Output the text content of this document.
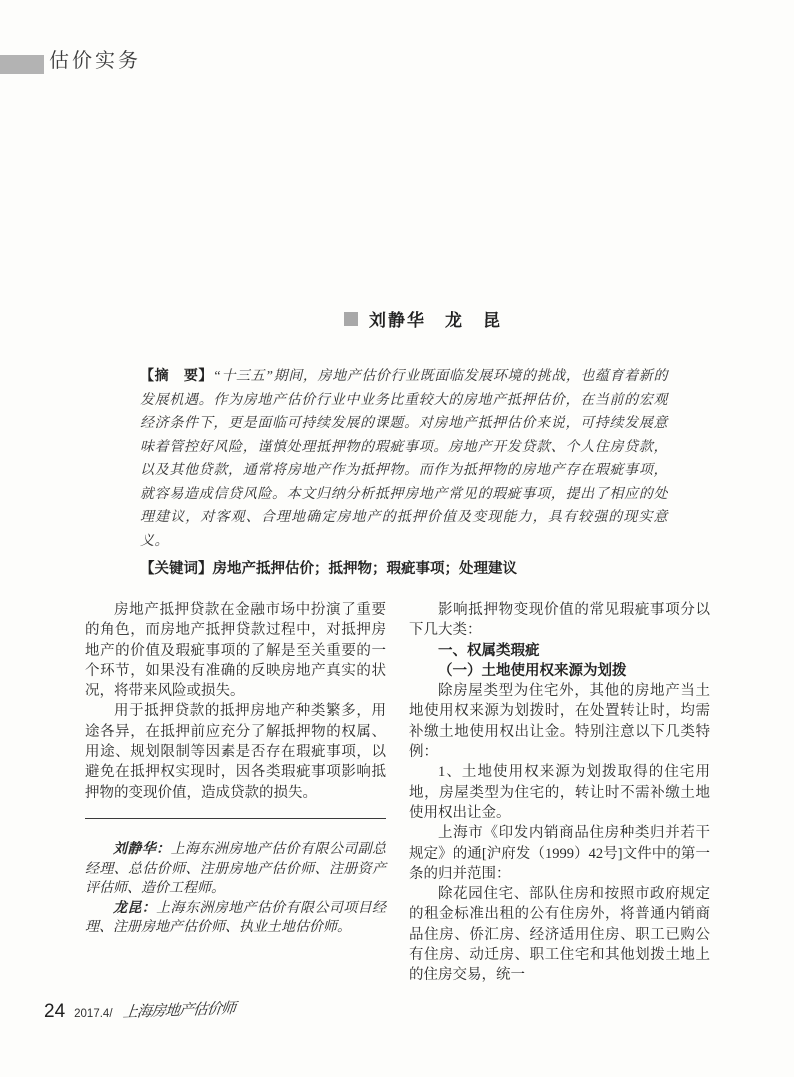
估价实务
刘静华　龙　昆

【摘　要】“十三五”期间，房地产估价行业既面临发展环境的挑战，也蕴育着新的发展机遇。作为房地产估价行业中业务比重较大的房地产抵押估价，在当前的宏观经济条件下，更是面临可持续发展的课题。对房地产抵押估价来说，可持续发展意味着管控好风险，谨慎处理抵押物的瑕疵事项。房地产开发贷款、个人住房贷款，以及其他贷款，通常将房地产作为抵押物。而作为抵押物的房地产存在瑕疵事项，就容易造成信贷风险。本文归纳分析抵押房地产常见的瑕疵事项，提出了相应的处理建议，对客观、合理地确定房地产的抵押价值及变现能力，具有较强的现实意义。

【关键词】房地产抵押估价；抵押物；瑕疵事项；处理建议

房地产抵押贷款在金融市场中扮演了重要的角色，而房地产抵押贷款过程中，对抵押房地产的价值及瑕疵事项的了解是至关重要的一个环节，如果没有准确的反映房地产真实的状况，将带来风险或损失。

用于抵押贷款的抵押房地产种类繁多，用途各异，在抵押前应充分了解抵押物的权属、用途、规划限制等因素是否存在瑕疵事项，以避免在抵押权实现时，因各类瑕疵事项影响抵押物的变现价值，造成贷款的损失。

刘静华：上海东洲房地产估价有限公司副总经理、总估价师、注册房地产估价师、注册资产评估师、造价工程师。

龙昆：上海东洲房地产估价有限公司项目经理、注册房地产估价师、执业土地估价师。

影响抵押物变现价值的常见瑕疵事项分以下几大类：

一、权属类瑕疵

（一）土地使用权来源为划拨

除房屋类型为住宅外，其他的房地产当土地使用权来源为划拨时，在处置转让时，均需补缴土地使用权出让金。特别注意以下几类特例：

1、土地使用权来源为划拨取得的住宅用地，房屋类型为住宅的，转让时不需补缴土地使用权出让金。

上海市《印发内销商品住房种类归并若干规定》的通[沪府发（1999）42号]文件中的第一条的归并范围：

除花园住宅、部队住房和按照市政府规定的租金标准出租的公有住房外，将普通内销商品住房、侨汇房、经济适用住房、职工已购公有住房、动迁房、职工住宅和其他划拨土地上的住房交易，统一

24 2017.4/ 上海房地产估价师
